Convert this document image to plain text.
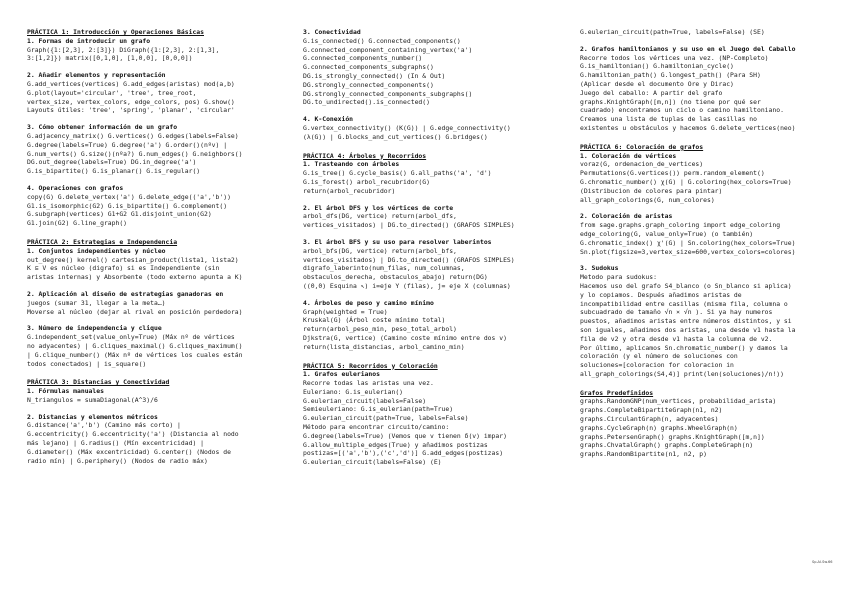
PRÁCTICA 1: Introducción y Operaciones Básicas
1. Formas de introducir un grafo
Graph({1:[2,3], 2:[3]}) DiGraph({1:[2,3], 2:[1,3],
3:[1,2]}) matrix([0,1,0], [1,0,0], [0,0,0])
2. Añadir elementos y representación
G.add_vertices(vertices) G.add_edges(aristas) mod(a,b)
G.plot(layout='circular', 'tree', tree_root,
vertex_size, vertex_colors, edge_colors, pos) G.show()
Layouts útiles: 'tree', 'spring', 'planar', 'circular'
3. Cómo obtener información de un grafo
G.adjacency_matrix() G.vertices() G.edges(labels=False)
G.degree(labels=True) G.degree('a') G.order()(nºv) |
G.num_verts() G.size()(nºa?) G.num_edges() G.neighbors()
DG.out_degree(labels=True) DG.in_degree('a')
G.is_bipartite() G.is_planar() G.is_regular()
4. Operaciones con grafos
copy(G) G.delete_vertex('a') G.delete_edge(('a','b'))
G1.is_isomorphic(G2) G.is_bipartite() G.complement()
G.subgraph(vertices) G1+G2 G1.disjoint_union(G2)
G1.join(G2) G.line_graph()
PRÁCTICA 2: Estrategias e Independencia
1. Conjuntos independientes y núcleo
out_degree() kernel() cartesian_product(lista1, lista2)
K ⊆ V es núcleo (digrafo) si es Independiente (sin
aristas internas) y Absorbente (todo externo apunta a K)
2. Aplicación al diseño de estrategias ganadoras en
juegos (sumar 31, llegar a la meta…)
Moverse al núcleo (dejar al rival en posición perdedora)
3. Número de independencia y clique
G.independent_set(value_only=True) (Máx nº de vértices
no adyacentes) | G.cliques_maximal() G.cliques_maximum()
| G.clique_number() (Máx nº de vértices los cuales están
todos conectados) | is_square()
PRÁCTICA 3: Distancias y Conectividad
1. Fórmulas manuales
N_triangulos = sumaDiagonal(A^3)/6
2. Distancias y elementos métricos
G.distance('a','b') (Camino más corto) |
G.eccentricity() G.eccentricity('a') (Distancia al nodo
más lejano) | G.radius() (Mín excentricidad) |
G.diameter() (Máx excentricidad) G.center() (Nodos de
radio mín) | G.periphery() (Nodos de radio máx)
3. Conectividad
G.is_connected() G.connected_components()
G.connected_component_containing_vertex('a')
G.connected_components_number()
G.connected_components_subgraphs()
DG.is_strongly_connected() (In & Out)
DG.strongly_connected_components()
DG.strongly_connected_components_subgraphs()
DG.to_undirected().is_connected()
4. K-Conexión
G.vertex_connectivity() (K(G)) | G.edge_connectivity()
(λ(G)) | G.blocks_and_cut_vertices() G.bridges()
PRÁCTICA 4: Árboles y Recorridos
1. Trasteando con árboles
G.is_tree() G.cycle_basis() G.all_paths('a', 'd')
G.is_forest() arbol_recubridor(G)
return(arbol_recubridor)
2. El árbol DFS y los vértices de corte
arbol_dfs(DG, vertice) return(arbol_dfs,
vertices_visitados) | DG.to_directed() (GRAFOS SIMPLES)
3. El árbol BFS y su uso para resolver laberintos
arbol_bfs(DG, vertice) return(arbol_bfs,
vertices_visitados) | DG.to_directed() (GRAFOS SIMPLES)
digrafo_laberinto(num_filas, num_columnas,
obstaculos_derecha, obstaculos_abajo) return(DG)
((0,0) Esquina ↖) i=eje Y (filas), j= eje X (columnas)
4. Árboles de peso y camino mínimo
Graph(weighted = True)
Kruskal(G) (Árbol coste mínimo total)
return(arbol_peso_min, peso_total_arbol)
Djkstra(G, vertice) (Camino coste mínimo entre dos v)
return(lista_distancias, arbol_camino_min)
PRÁCTICA 5: Recorridos y Coloración
1. Grafos eulerianos
Recorre todas las aristas una vez.
Euleriano: G.is_eulerian()
G.eulerian_circuit(labels=False)
Semieuleriano: G.is_eulerian(path=True)
G.eulerian_circuit(path=True, labels=False)
Método para encontrar circuito/camino:
G.degree(labels=True) (Vemos que v tienen δ(v) impar)
G.allow_multiple_edges(True) y añadimos postizas
postizas=[('a','b'),('c','d')] G.add_edges(postizas)
G.eulerian_circuit(labels=False) (E)
G.eulerian_circuit(path=True, labels=False) (SE)
2. Grafos hamiltonianos y su uso en el Juego del Caballo
Recorre todos los vértices una vez. (NP-Completo)
G.is_hamiltonian() G.hamiltonian_cycle()
G.hamiltonian_path() G.longest_path() (Para SH)
(Aplicar desde el documento Ore y Dirac)
Juego del caballo: A partir del grafo
graphs.KnightGraph([m,n]) (no tiene por qué ser
cuadrado) encontramos un ciclo o camino hamiltoniano.
Creamos una lista de tuplas de las casillas no
existentes u obstáculos y hacemos G.delete_vertices(neo)
PRÁCTICA 6: Coloración de grafos
1. Coloración de vértices
voraz(G, ordenacion_de_vertices)
Permutations(G.vertices()) perm.random_element()
G.chromatic_number() χ(G) | G.coloring(hex_colors=True)
(Distribucion de colores para pintar)
all_graph_colorings(G, num_colores)
2. Coloración de aristas
from sage.graphs.graph_coloring import edge_coloring
edge_coloring(G, value_only=True) (o también)
G.chromatic_index() χ'(G) | Sn.coloring(hex_colors=True)
Sn.plot(figsize=3,vertex_size=600,vertex_colors=colores)
3. Sudokus
Metodo para sudokus:
Hacemos uso del grafo S4_blanco (o Sn_blanco si aplica)
y lo copiamos. Después añadimos aristas de
incompatibilidad entre casillas (misma fila, columna o
subcuadrado de tamaño √n × √n ). Si ya hay numeros
puestos, añadimos aristas entre números distintos, y si
son iguales, añadimos dos aristas, una desde v1 hasta la
fila de v2 y otra desde v1 hasta la columna de v2.
Por último, aplicamos Sn.chromatic_number() y damos la
coloración (y el número de soluciones con
soluciones=[coloracion for coloracion in
all_graph_colorings(S4,4)] print(len(soluciones)/n!))
Grafos Predefinidos
graphs.RandomGNP(num_vertices, probabilidad_arista)
graphs.CompleteBipartiteGraph(n1, n2)
graphs.CirculantGraph(n, adyacentes)
graphs.CycleGraph(n) graphs.WheelGraph(n)
graphs.PetersenGraph() graphs.KnightGraph([m,n])
graphs.ChvatalGraph() graphs.CompleteGraph(n)
graphs.RandomBipartite(n1, n2, p)
Sp.AI.Sw.66
